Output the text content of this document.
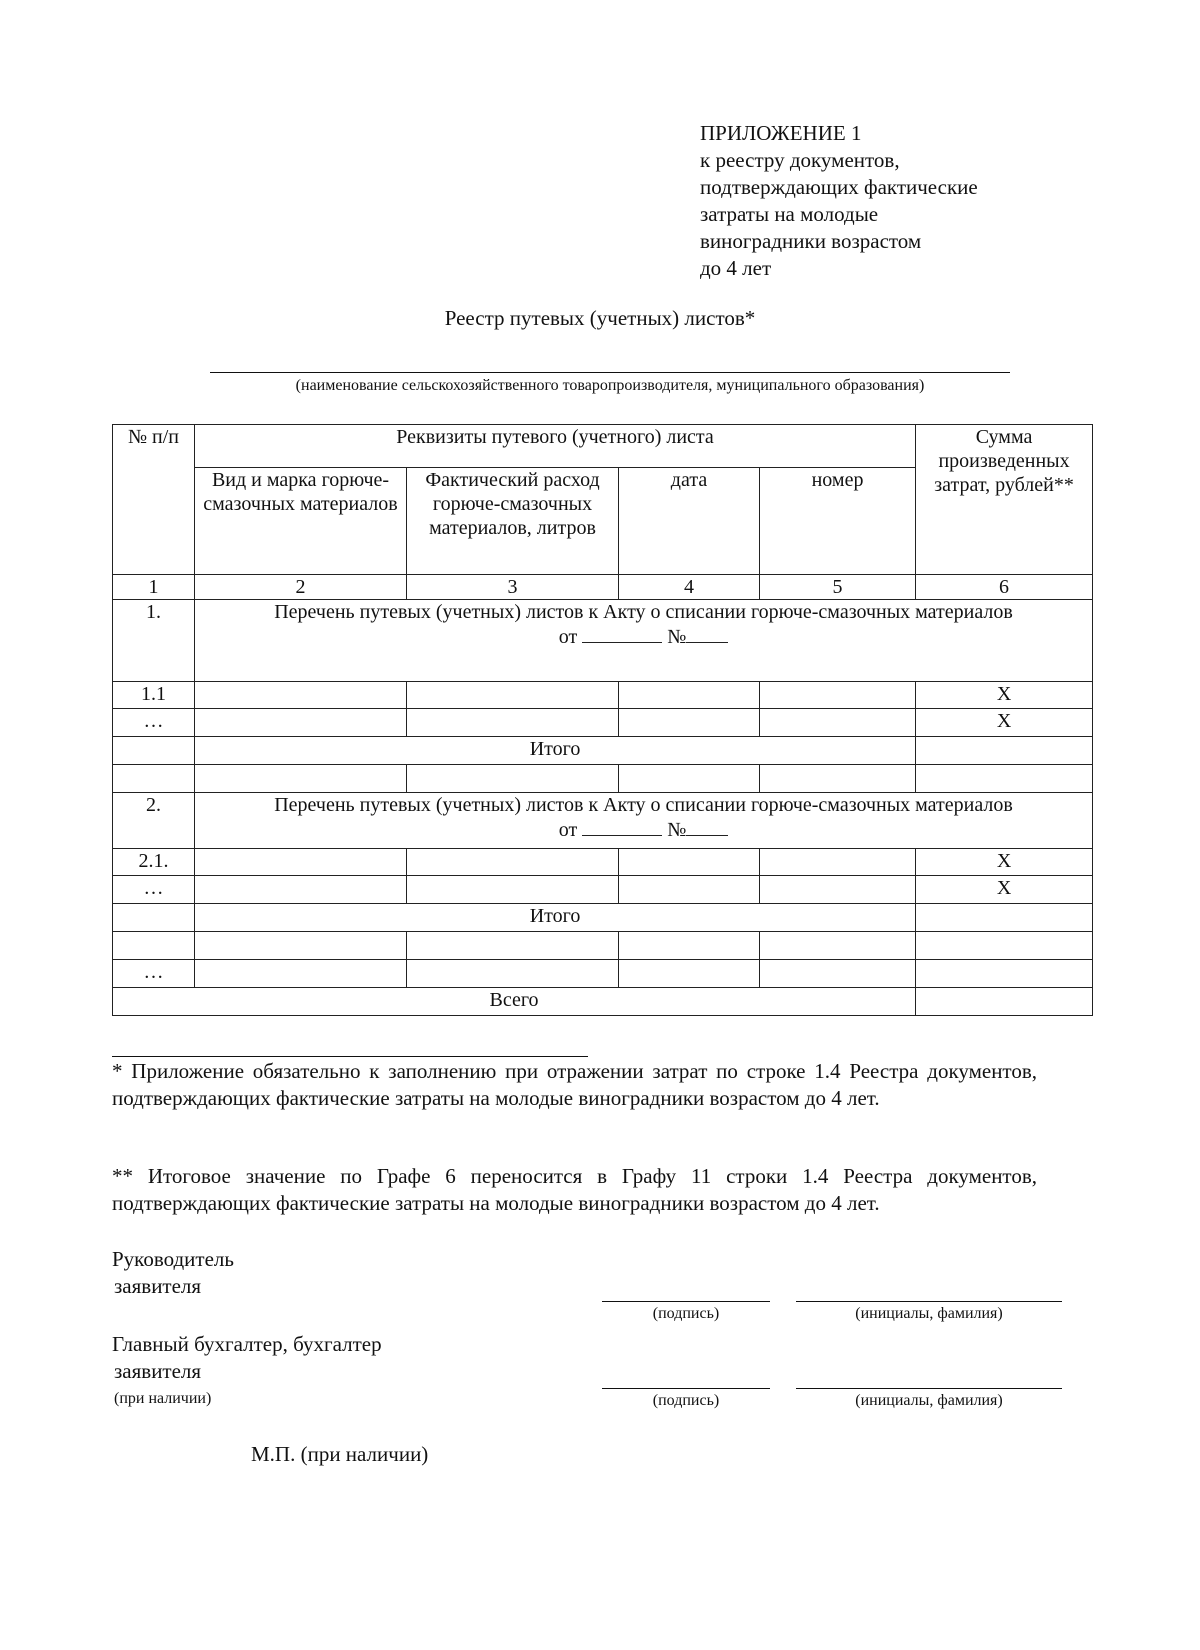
ПРИЛОЖЕНИЕ 1
к реестру документов,
подтверждающих фактические
затраты на молодые
виноградники возрастом
до 4 лет
Реестр путевых (учетных) листов*
(наименование сельскохозяйственного товаропроизводителя, муниципального образования)
№ п/п	Реквизиты путевого (учетного) листа				Сумма произведенных затрат, рублей**
	Вид и марка горюче-смазочных материалов	Фактический расход горюче-смазочных материалов, литров	дата	номер	
1	2	3	4	5	6
1.	Перечень путевых (учетных) листов к Акту о списании горюче-смазочных материалов
от №				

1.1					Х
…					Х
	Итого				

2.	Перечень путевых (учетных) листов к Акту о списании горюче-смазочных материалов
от №				

2.1.					Х
…					Х
	Итого				

…					
Всего					
* Приложение обязательно к заполнению при отражении затрат по строке 1.4 Реестра документов, подтверждающих фактические затраты на молодые виноградники возрастом до 4 лет.
** Итоговое значение по Графе 6 переносится в Графу 11 строки 1.4 Реестра документов, подтверждающих фактические затраты на молодые виноградники возрастом до 4 лет.
Руководитель
заявителя
(подпись)	(инициалы, фамилия)
Главный бухгалтер, бухгалтер
заявителя
(при наличии)	(подпись)	(инициалы, фамилия)
М.П. (при наличии)
